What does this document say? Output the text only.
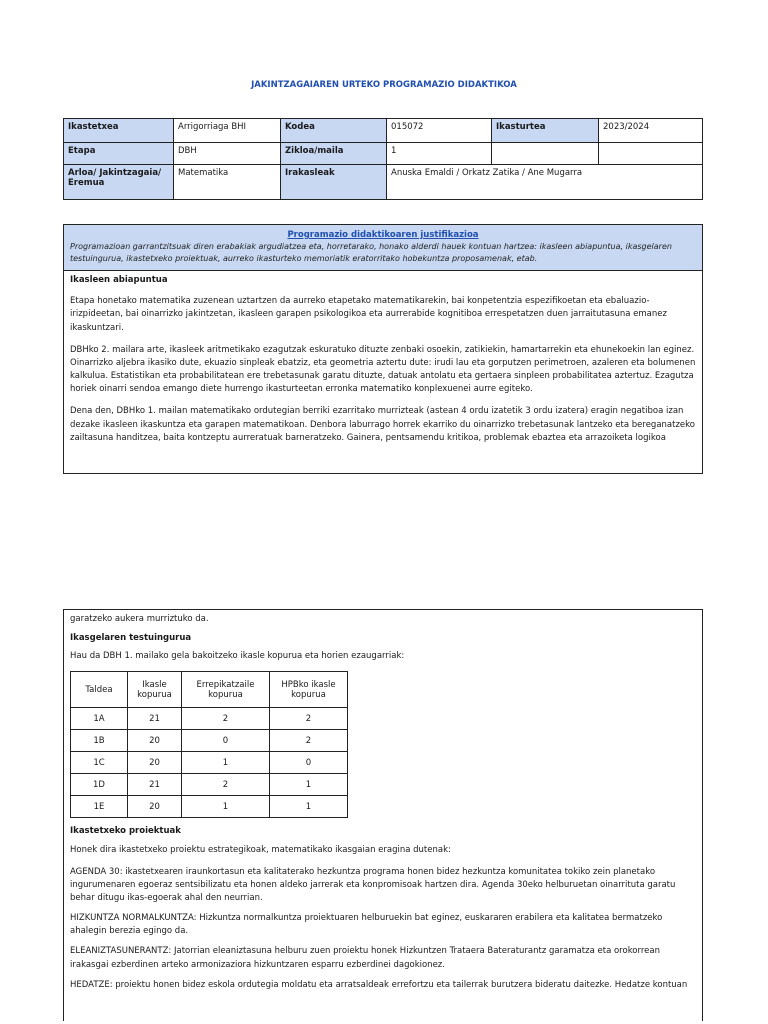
JAKINTZAGAIAREN URTEKO PROGRAMAZIO DIDAKTIKOA
Ikastetxea	Arrigorriaga BHI	Kodea	015072	Ikasturtea	2023/2024
Etapa	DBH	Zikloa/maila	1		
Arloa/ Jakintzagaia/ Eremua	Matematika	Irakasleak	Anuska Emaldi / Orkatz Zatika / Ane Mugarra		
Programazio didaktikoaren justifikazioa
Programazioan garrantzitsuak diren erabakiak argudiatzea eta, horretarako, honako alderdi hauek kontuan hartzea: ikasleen abiapuntua, ikasgelaren testuingurua, ikastetxeko proiektuak, aurreko ikasturteko memoriatik eratorritako hobekuntza proposamenak, etab.

Ikasleen abiapuntua

Etapa honetako matematika zuzenean uztartzen da aurreko etapetako matematikarekin, bai konpetentzia espezifikoetan eta ebaluazio-irizpideetan, bai oinarrizko jakintzetan, ikasleen garapen psikologikoa eta aurrerabide kognitiboa errespetatzen duen jarraitutasuna emanez ikaskuntzari.

DBHko 2. mailara arte, ikasleek aritmetikako ezagutzak eskuratuko dituzte zenbaki osoekin, zatikiekin, hamartarrekin eta ehunekoekin lan eginez. Oinarrizko aljebra ikasiko dute, ekuazio sinpleak ebatziz, eta geometria aztertu dute: irudi lau eta gorputzen perimetroen, azaleren eta bolumenen kalkulua. Estatistikan eta probabilitatean ere trebetasunak garatu dituzte, datuak antolatu eta gertaera sinpleen probabilitatea aztertuz. Ezagutza horiek oinarri sendoa emango diete hurrengo ikasturteetan erronka matematiko konplexuenei aurre egiteko.

Dena den, DBHko 1. mailan matematikako ordutegian berriki ezarritako murrizteak (astean 4 ordu izatetik 3 ordu izatera) eragin negatiboa izan dezake ikasleen ikaskuntza eta garapen matematikoan. Denbora laburrago horrek ekarriko du oinarrizko trebetasunak lantzeko eta bereganatzeko zailtasuna handitzea, baita kontzeptu aurreratuak barneratzeko. Gainera, pentsamendu kritikoa, problemak ebaztea eta arrazoiketa logikoa

garatzeko aukera murriztuko da.

Ikasgelaren testuingurua

Hau da DBH 1. mailako gela bakoitzeko ikasle kopurua eta horien ezaugarriak:

Taldea	Ikasle kopurua	Errepikatzaile kopurua	HPBko ikasle kopurua
1A	21	2	2
1B	20	0	2
1C	20	1	0
1D	21	2	1
1E	20	1	1

Ikastetxeko proiektuak

Honek dira ikastetxeko proiektu estrategikoak, matematikako ikasgaian eragina dutenak:

AGENDA 30: ikastetxearen iraunkortasun eta kalitaterako hezkuntza programa honen bidez hezkuntza komunitatea tokiko zein planetako ingurumenaren egoeraz sentsibilizatu eta honen aldeko jarrerak eta konpromisoak hartzen dira. Agenda 30eko helburuetan oinarrituta garatu behar ditugu ikas-egoerak ahal den neurrian.

HIZKUNTZA NORMALKUNTZA: Hizkuntza normalkuntza proiektuaren helburuekin bat eginez, euskararen erabilera eta kalitatea bermatzeko ahalegin berezia egingo da.

ELEANIZTASUNERANTZ: Jatorrian eleaniztasuna helburu zuen proiektu honek Hizkuntzen Trataera Bateraturantz garamatza eta orokorrean irakasgai ezberdinen arteko armonizaziora hizkuntzaren esparru ezberdinei dagokionez.

HEDATZE: proiektu honen bidez eskola ordutegia moldatu eta arratsaldeak errefortzu eta tailerrak burutzera bideratu daitezke. Hedatze kontuan
